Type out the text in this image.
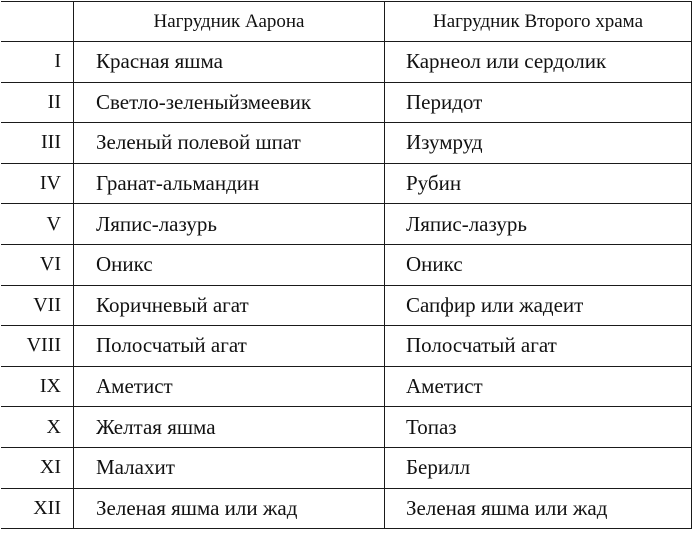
	Нагрудник Аарона	Нагрудник Второго храма
I	Красная яшма	Карнеол или сердолик
II	Светло-зеленыйзмеевик	Перидот
III	Зеленый полевой шпат	Изумруд
IV	Гранат-альмандин	Рубин
V	Ляпис-лазурь	Ляпис-лазурь
VI	Оникс	Оникс
VII	Коричневый агат	Сапфир или жадеит
VIII	Полосчатый агат	Полосчатый агат
IX	Аметист	Аметист
X	Желтая яшма	Топаз
XI	Малахит	Берилл
XII	Зеленая яшма или жад	Зеленая яшма или жад
